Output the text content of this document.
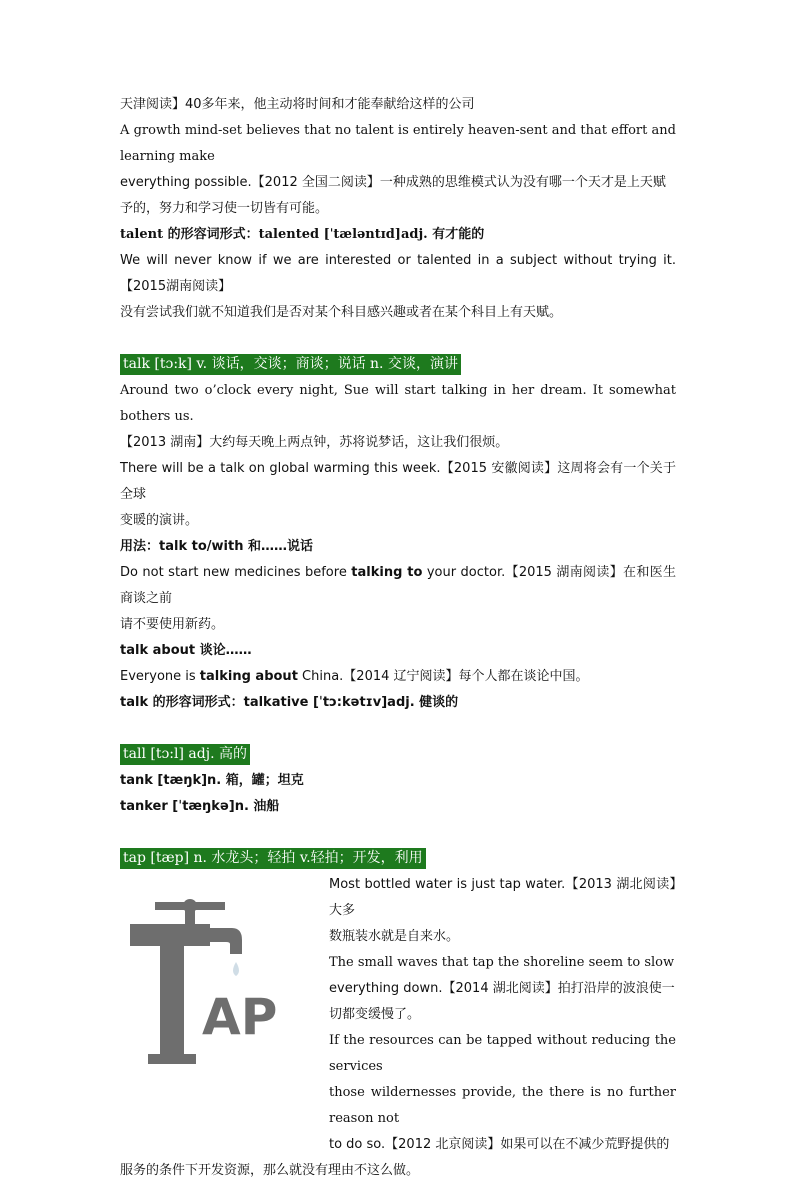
天津阅读】40多年来，他主动将时间和才能奉献给这样的公司

A growth mind-set believes that no talent is entirely heaven-sent and that effort and learning make

everything possible.【2012 全国二阅读】一种成熟的思维模式认为没有哪一个天才是上天赋

予的，努力和学习使一切皆有可能。

talent 的形容词形式：talented [ˈtæləntɪd]adj. 有才能的

We will never know if we are interested or talented in a subject without trying it.【2015湖南阅读】

没有尝试我们就不知道我们是否对某个科目感兴趣或者在某个科目上有天赋。

talk [tɔ:k] v. 谈话，交谈；商谈；说话 n. 交谈，演讲

Around two o’clock every night, Sue will start talking in her dream. It somewhat bothers us.

【2013 湖南】大约每天晚上两点钟，苏将说梦话，这让我们很烦。

There will be a talk on global warming this week.【2015 安徽阅读】这周将会有一个关于全球

变暖的演讲。

用法：talk to/with 和……说话

Do not start new medicines before talking to your doctor.【2015 湖南阅读】在和医生商谈之前

请不要使用新药。

talk about 谈论……

Everyone is talking about China.【2014 辽宁阅读】每个人都在谈论中国。

talk 的形容词形式：talkative [ˈtɔ:kətɪv]adj. 健谈的

tall [tɔ:l] adj. 高的

tank [tæŋk]n. 箱，罐；坦克

tanker [ˈtæŋkə]n. 油船

tap [tæp] n. 水龙头；轻拍 v.轻拍；开发，利用
AP

Most bottled water is just tap water.【2013 湖北阅读】大多

数瓶装水就是自来水。

The small waves that tap the shoreline seem to slow

everything down.【2014 湖北阅读】拍打沿岸的波浪使一

切都变缓慢了。

If the resources can be tapped without reducing the services

those wildernesses provide, the there is no further reason not

to do so.【2012 北京阅读】如果可以在不减少荒野提供的

服务的条件下开发资源，那么就没有理由不这么做。
